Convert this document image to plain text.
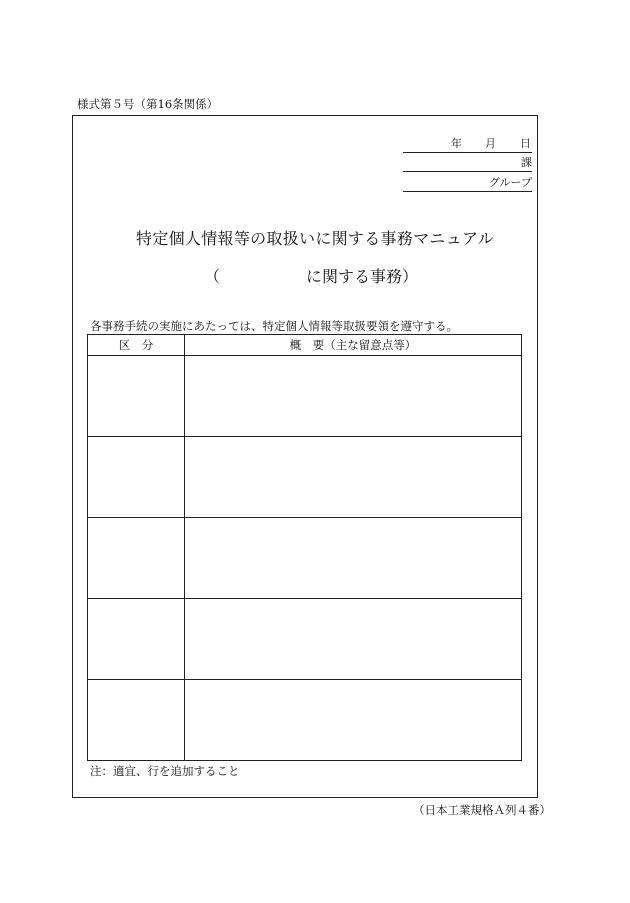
様式第５号（第16条関係）
年 月 日
課
グループ
特定個人情報等の取扱いに関する事務マニュアル
（	に関する事務）
各事務手続の実施にあたっては、特定個人情報等取扱要領を遵守する。
区　分	概　要（主な留意点等）

注：適宜、行を追加すること
（日本工業規格Ａ列４番）
